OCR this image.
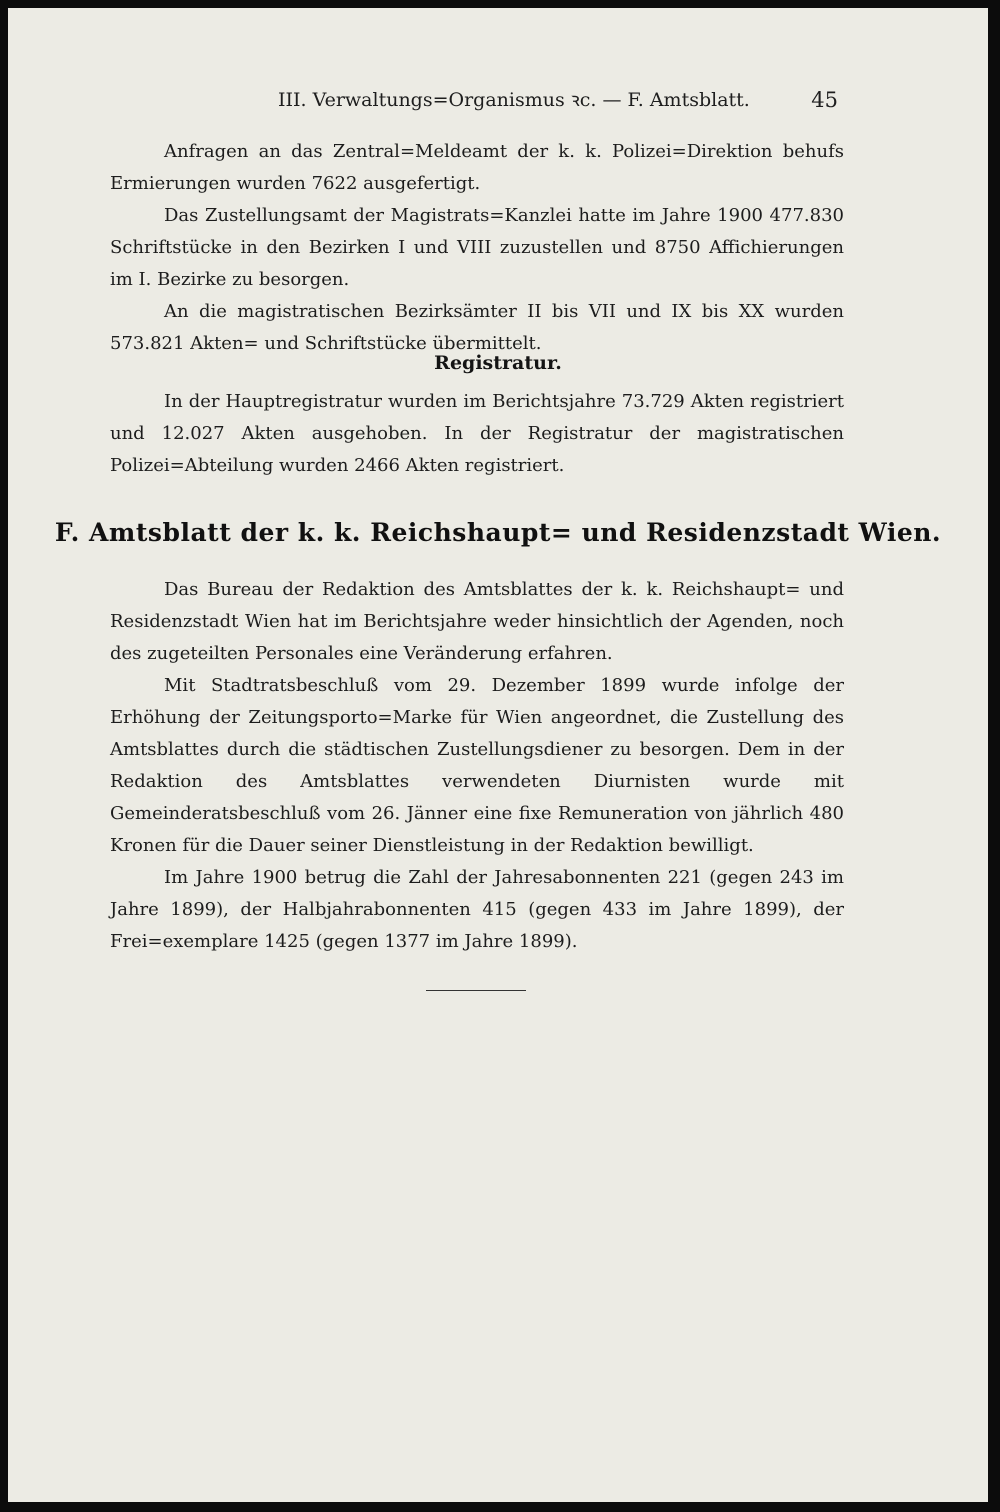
III. Verwaltungs=Organismus ꝛc. — F. Amtsblatt.	45

Anfragen an das Zentral=Meldeamt der k. k. Polizei=Direktion behufs Ermierungen wurden 7622 ausgefertigt.

Das Zustellungsamt der Magistrats=Kanzlei hatte im Jahre 1900 477.830 Schriftstücke in den Bezirken I und VIII zuzustellen und 8750 Affichierungen im I. Bezirke zu besorgen.

An die magistratischen Bezirksämter II bis VII und IX bis XX wurden 573.821 Akten= und Schriftstücke übermittelt.

Registratur.

In der Hauptregistratur wurden im Berichtsjahre 73.729 Akten registriert und 12.027 Akten ausgehoben. In der Registratur der magistratischen Polizei=Abteilung wurden 2466 Akten registriert.

F. Amtsblatt der k. k. Reichshaupt= und Residenzstadt Wien.

Das Bureau der Redaktion des Amtsblattes der k. k. Reichshaupt= und Residenzstadt Wien hat im Berichtsjahre weder hinsichtlich der Agenden, noch des zugeteilten Personales eine Veränderung erfahren.

Mit Stadtratsbeschluß vom 29. Dezember 1899 wurde infolge der Erhöhung der Zeitungsporto=Marke für Wien angeordnet, die Zustellung des Amtsblattes durch die städtischen Zustellungsdiener zu besorgen. Dem in der Redaktion des Amtsblattes verwendeten Diurnisten wurde mit Gemeinderatsbeschluß vom 26. Jänner eine fixe Remuneration von jährlich 480 Kronen für die Dauer seiner Dienstleistung in der Redaktion bewilligt.

Im Jahre 1900 betrug die Zahl der Jahresabonnenten 221 (gegen 243 im Jahre 1899), der Halbjahrabonnenten 415 (gegen 433 im Jahre 1899), der Frei=exemplare 1425 (gegen 1377 im Jahre 1899).
